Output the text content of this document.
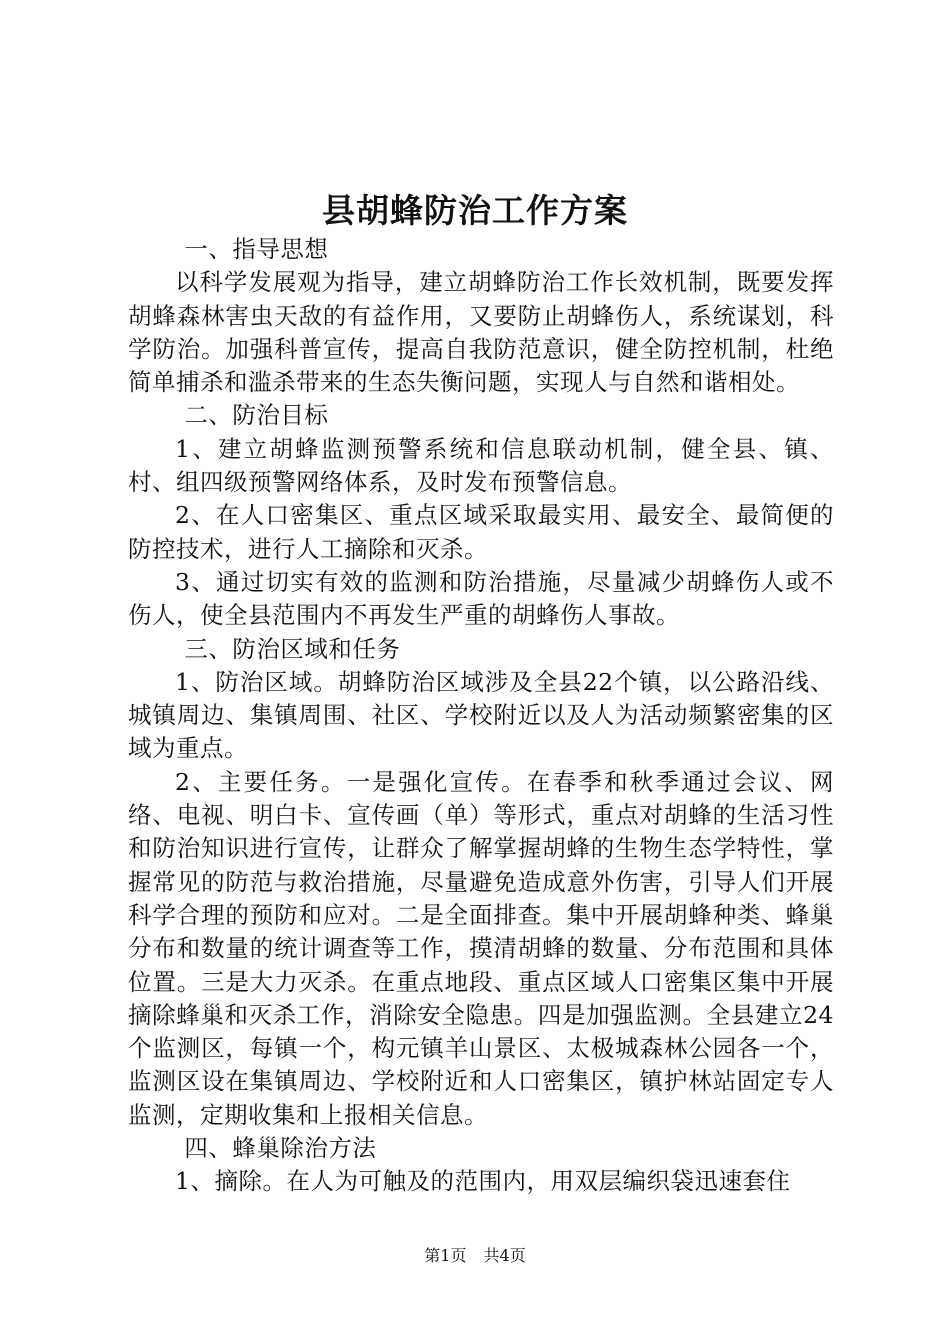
县胡蜂防治工作方案

一、指导思想

以科学发展观为指导，建立胡蜂防治工作长效机制，既要发挥胡蜂森林害虫天敌的有益作用，又要防止胡蜂伤人，系统谋划，科学防治。加强科普宣传，提高自我防范意识，健全防控机制，杜绝简单捕杀和滥杀带来的生态失衡问题，实现人与自然和谐相处。

二、防治目标

1、建立胡蜂监测预警系统和信息联动机制，健全县、镇、村、组四级预警网络体系，及时发布预警信息。

2、在人口密集区、重点区域采取最实用、最安全、最简便的防控技术，进行人工摘除和灭杀。

3、通过切实有效的监测和防治措施，尽量减少胡蜂伤人或不伤人，使全县范围内不再发生严重的胡蜂伤人事故。

三、防治区域和任务

1、防治区域。胡蜂防治区域涉及全县22个镇，以公路沿线、城镇周边、集镇周围、社区、学校附近以及人为活动频繁密集的区域为重点。

2、主要任务。一是强化宣传。在春季和秋季通过会议、网络、电视、明白卡、宣传画（单）等形式，重点对胡蜂的生活习性和防治知识进行宣传，让群众了解掌握胡蜂的生物生态学特性，掌握常见的防范与救治措施，尽量避免造成意外伤害，引导人们开展科学合理的预防和应对。二是全面排查。集中开展胡蜂种类、蜂巢分布和数量的统计调查等工作，摸清胡蜂的数量、分布范围和具体位置。三是大力灭杀。在重点地段、重点区域人口密集区集中开展摘除蜂巢和灭杀工作，消除安全隐患。四是加强监测。全县建立24个监测区，每镇一个，构元镇羊山景区、太极城森林公园各一个，监测区设在集镇周边、学校附近和人口密集区，镇护林站固定专人监测，定期收集和上报相关信息。

四、蜂巢除治方法

1、摘除。在人为可触及的范围内，用双层编织袋迅速套住

第1页 共4页
